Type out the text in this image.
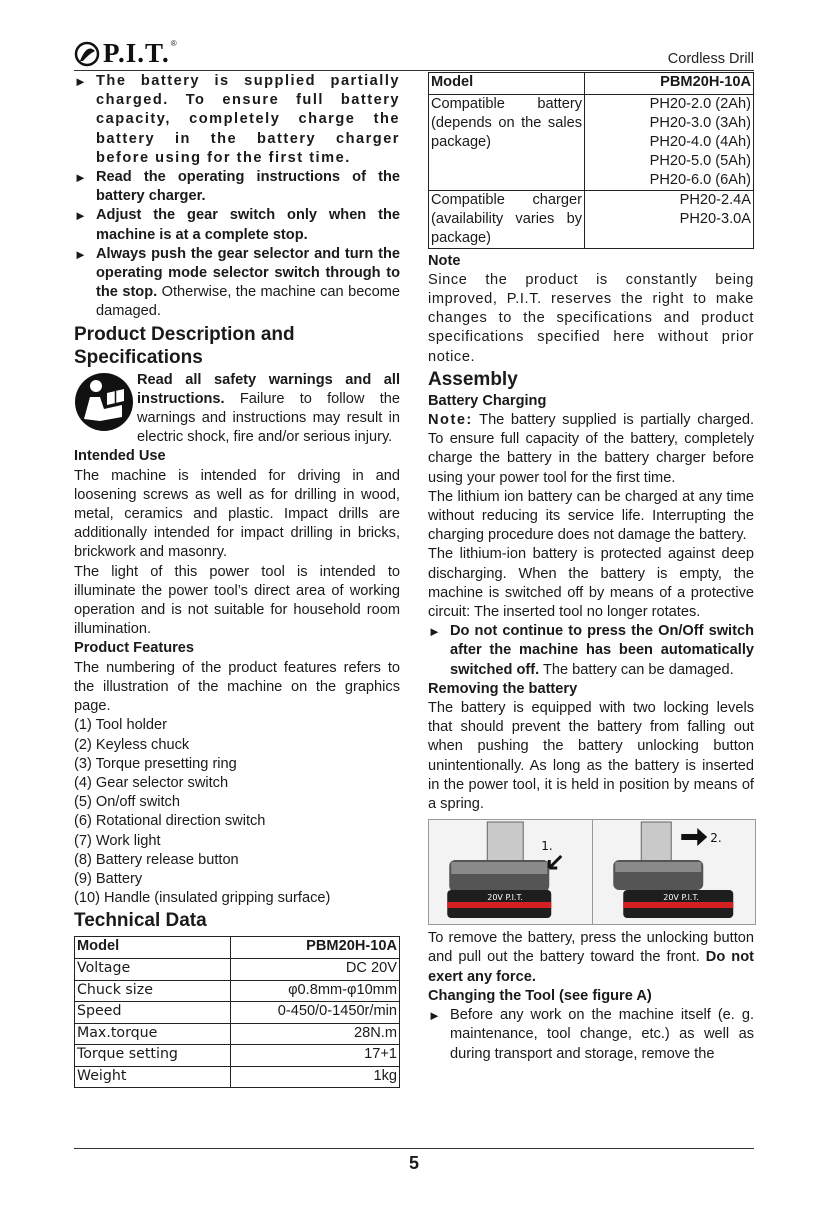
P.I.T. ®
Cordless Drill
► The battery is supplied partially charged. To ensure full battery capacity, completely charge the battery in the battery charger before using for the first time.

► Read the operating instructions of the battery charger.

► Adjust the gear switch only when the machine is at a complete stop.

► Always push the gear selector and turn the operating mode selector switch through to the stop. Otherwise, the machine can become damaged.

Product Description and Specifications

Read all safety warnings and all instructions. Failure to follow the warnings and instructions may result in electric shock, fire and/or serious injury.

Intended Use

The machine is intended for driving in and loosening screws as well as for drilling in wood, metal, ceramics and plastic. Impact drills are additionally intended for impact drilling in bricks, brickwork and masonry.

The light of this power tool is intended to illuminate the power tool’s direct area of working operation and is not suitable for household room illumination.

Product Features

The numbering of the product features refers to the illustration of the machine on the graphics page.

(1) Tool holder
(2) Keyless chuck
(3) Torque presetting ring
(4) Gear selector switch
(5) On/off switch
(6) Rotational direction switch
(7) Work light
(8) Battery release button
(9) Battery
(10) Handle (insulated gripping surface)
Technical Data
Model	PBM20H-10A
Voltage	DC 20V
Chuck size	φ0.8mm-φ10mm
Speed	0-450/0-1450r/min
Max.torque	28N.m
Torque setting	17+1
Weight	1kg
Model	PBM20H-10A

Compatible battery (depends on the sales package)	PH20-2.0 (2Ah)
PH20-3.0 (3Ah)
PH20-4.0 (4Ah)
PH20-5.0 (5Ah)
PH20-6.0 (6Ah)

Compatible charger (availability varies by package)	PH20-2.4A
PH20-3.0A
Note

Since the product is constantly being improved, P.I.T. reserves the right to make changes to the specifications and product specifications specified here without prior notice.

Assembly
Battery Charging

Note: The battery supplied is partially charged. To ensure full capacity of the battery, completely charge the battery in the battery charger before using your power tool for the first time.

The lithium ion battery can be charged at any time without reducing its service life. Interrupting the charging procedure does not damage the battery.

The lithium-ion battery is protected against deep discharging. When the battery is empty, the machine is switched off by means of a protective circuit: The inserted tool no longer rotates.

► Do not continue to press the On/Off switch after the machine has been automatically switched off. The battery can be damaged.

Removing the battery

The battery is equipped with two locking levels that should prevent the battery from falling out when pushing the battery unlocking button unintentionally. As long as the battery is inserted in the power tool, it is held in position by means of a spring.

20V P.I.T.
1.
20V P.I.T.
2.

To remove the battery, press the unlocking button and pull out the battery toward the front. Do not exert any force.

Changing the Tool (see figure A)
► Before any work on the machine itself (e. g. maintenance, tool change, etc.) as well as during transport and storage, remove the

5
